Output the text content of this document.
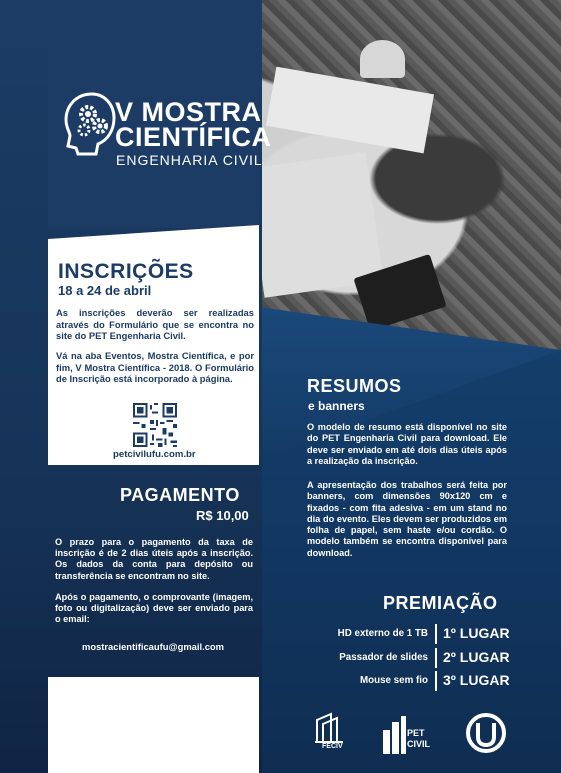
V MOSTRA
CIENTÍFICA
ENGENHARIA CIVIL
INSCRIÇÕES
18 a 24 de abril
As inscrições deverão ser realizadas através do Formulário que se encontra no site do PET Engenharia Civil.
Vá na aba Eventos, Mostra Científica, e por fim, V Mostra Científica - 2018. O Formulário de Inscrição está incorporado à página.
petcivilufu.com.br
PAGAMENTO
R$ 10,00
O prazo para o pagamento da taxa de inscrição é de 2 dias úteis após a inscrição. Os dados da conta para depósito ou transferência se encontram no site.
Após o pagamento, o comprovante (imagem, foto ou digitalização) deve ser enviado para o email:
mostracientificaufu@gmail.com
RESUMOS
e banners
O modelo de resumo está disponível no site do PET Engenharia Civil para download. Ele deve ser enviado em até dois dias úteis após a realização da inscrição.
A apresentação dos trabalhos será feita por banners, com dimensões 90x120 cm e fixados - com fita adesiva - em um stand no dia do evento. Eles devem ser produzidos em folha de papel, sem haste e/ou cordão. O modelo também se encontra disponível para download.
PREMIAÇÃO
HD externo de 1 TB 1º LUGAR
Passador de slides 2º LUGAR
Mouse sem fio 3º LUGAR
FECIV
PET
CIVIL
